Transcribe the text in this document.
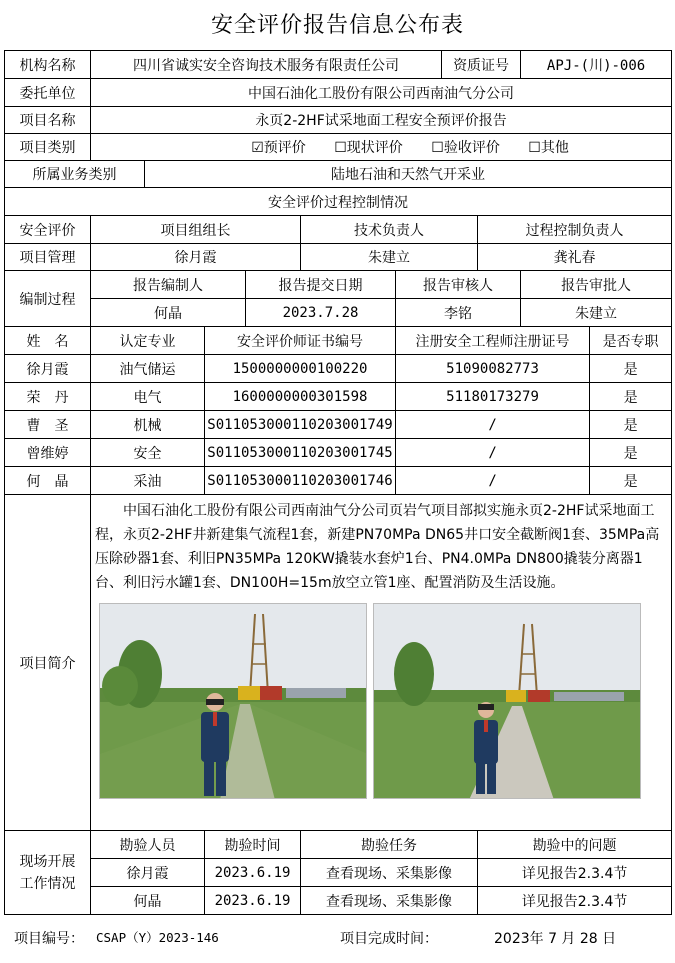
安全评价报告信息公布表
机构名称	四川省诚实安全咨询技术服务有限责任公司						资质证号		APJ-(川)-006	
委托单位	中国石油化工股份有限公司西南油气分公司									
项目名称	永页2-2HF试采地面工程安全预评价报告									
项目类别	☑预评价 ☐现状评价 ☐验收评价 ☐其他									
所属业务类别		陆地石油和天然气开采业								
安全评价过程控制情况										
安全评价	项目组组长				技术负责人			过程控制负责人		
项目管理	徐月霞				朱建立			龚礼春		
编制过程	报告编制人			报告提交日期		报告审核人			报告审批人	
	何晶			2023.7.28		李铭			朱建立	
姓　名	认定专业		安全评价师证书编号			注册安全工程师注册证号				是否专职
徐月霞	油气储运		1500000000100220			51090082773				是
荣　丹	电气		1600000000301598			51180173279				是
曹　圣	机械		S011053000110203001749			/				是
曾维婷	安全		S011053000110203001745			/				是
何　晶	采油		S011053000110203001746			/				是
项目简介	中国石油化工股份有限公司西南油气分公司页岩气项目部拟实施永页2-2HF试采地面工程，永页2-2HF井新建集气流程1套，新建PN70MPa DN65井口安全截断阀1套、35MPa高压除砂器1套、利旧PN35MPa 120KW撬装水套炉1台、PN4.0MPa DN800撬装分离器1台、利旧污水罐1套、DN100H=15m放空立管1座、配置消防及生活设施。									

现场开展
工作情况	勘验人员		勘验时间		勘验任务			勘验中的问题		
	徐月霞		2023.6.19		查看现场、采集影像			详见报告2.3.4节		
	何晶		2023.6.19		查看现场、采集影像			详见报告2.3.4节		
项目编号： CSAP（Y）2023-146	项目完成时间：	2023年 7 月 28 日
